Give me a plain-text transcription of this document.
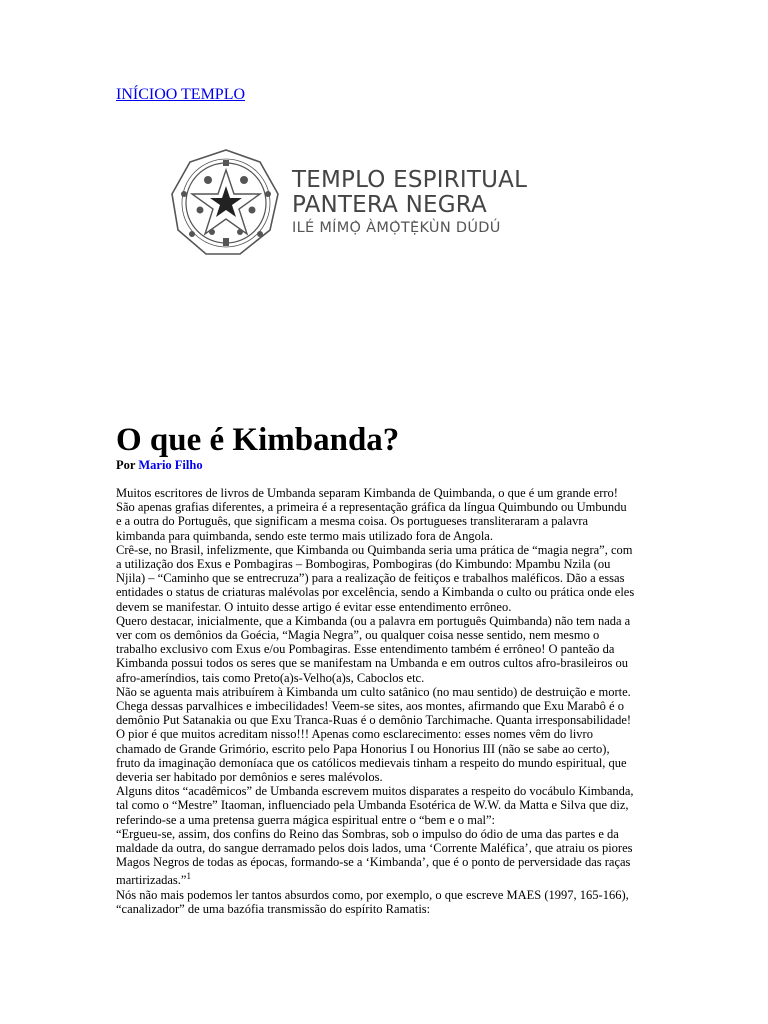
INÍCIOO TEMPLO
TEMPLO ESPIRITUAL
PANTERA NEGRA
ILÉ MÍMỌ̀ ÀMỌ̀TẸ̀KÙN DÚDÚ
O que é Kimbanda?
Por Mario Filho
Muitos escritores de livros de Umbanda separam Kimbanda de Quimbanda, o que é um grande erro!
São apenas grafias diferentes, a primeira é a representação gráfica da língua Quimbundo ou Umbundu
e a outra do Português, que significam a mesma coisa. Os portugueses transliteraram a palavra
kimbanda para quimbanda, sendo este termo mais utilizado fora de Angola.
Crê-se, no Brasil, infelizmente, que Kimbanda ou Quimbanda seria uma prática de “magia negra”, com
a utilização dos Exus e Pombagiras – Bombogiras, Pombogiras (do Kimbundo: Mpambu Nzila (ou
Njila) – “Caminho que se entrecruza”) para a realização de feitiços e trabalhos maléficos. Dão a essas
entidades o status de criaturas malévolas por excelência, sendo a Kimbanda o culto ou prática onde eles
devem se manifestar. O intuito desse artigo é evitar esse entendimento errôneo.
Quero destacar, inicialmente, que a Kimbanda (ou a palavra em português Quimbanda) não tem nada a
ver com os demônios da Goécia, “Magia Negra”, ou qualquer coisa nesse sentido, nem mesmo o
trabalho exclusivo com Exus e/ou Pombagiras. Esse entendimento também é errôneo! O panteão da
Kimbanda possui todos os seres que se manifestam na Umbanda e em outros cultos afro-brasileiros ou
afro-ameríndios, tais como Preto(a)s-Velho(a)s, Caboclos etc.
Não se aguenta mais atribuírem à Kimbanda um culto satânico (no mau sentido) de destruição e morte.
Chega dessas parvalhices e imbecilidades! Veem-se sites, aos montes, afirmando que Exu Marabô é o
demônio Put Satanakia ou que Exu Tranca-Ruas é o demônio Tarchimache. Quanta irresponsabilidade!
O pior é que muitos acreditam nisso!!! Apenas como esclarecimento: esses nomes vêm do livro
chamado de Grande Grimório, escrito pelo Papa Honorius I ou Honorius III (não se sabe ao certo),
fruto da imaginação demoníaca que os católicos medievais tinham a respeito do mundo espiritual, que
deveria ser habitado por demônios e seres malévolos.
Alguns ditos “acadêmicos” de Umbanda escrevem muitos disparates a respeito do vocábulo Kimbanda,
tal como o “Mestre” Itaoman, influenciado pela Umbanda Esotérica de W.W. da Matta e Silva que diz,
referindo-se a uma pretensa guerra mágica espiritual entre o “bem e o mal”:
“Ergueu-se, assim, dos confins do Reino das Sombras, sob o impulso do ódio de uma das partes e da
maldade da outra, do sangue derramado pelos dois lados, uma ‘Corrente Maléfica’, que atraiu os piores
Magos Negros de todas as épocas, formando-se a ‘Kimbanda’, que é o ponto de perversidade das raças
martirizadas.”$^1$
Nós não mais podemos ler tantos absurdos como, por exemplo, o que escreve MAES (1997, 165-166),
“canalizador” de uma bazófia transmissão do espírito Ramatis:
